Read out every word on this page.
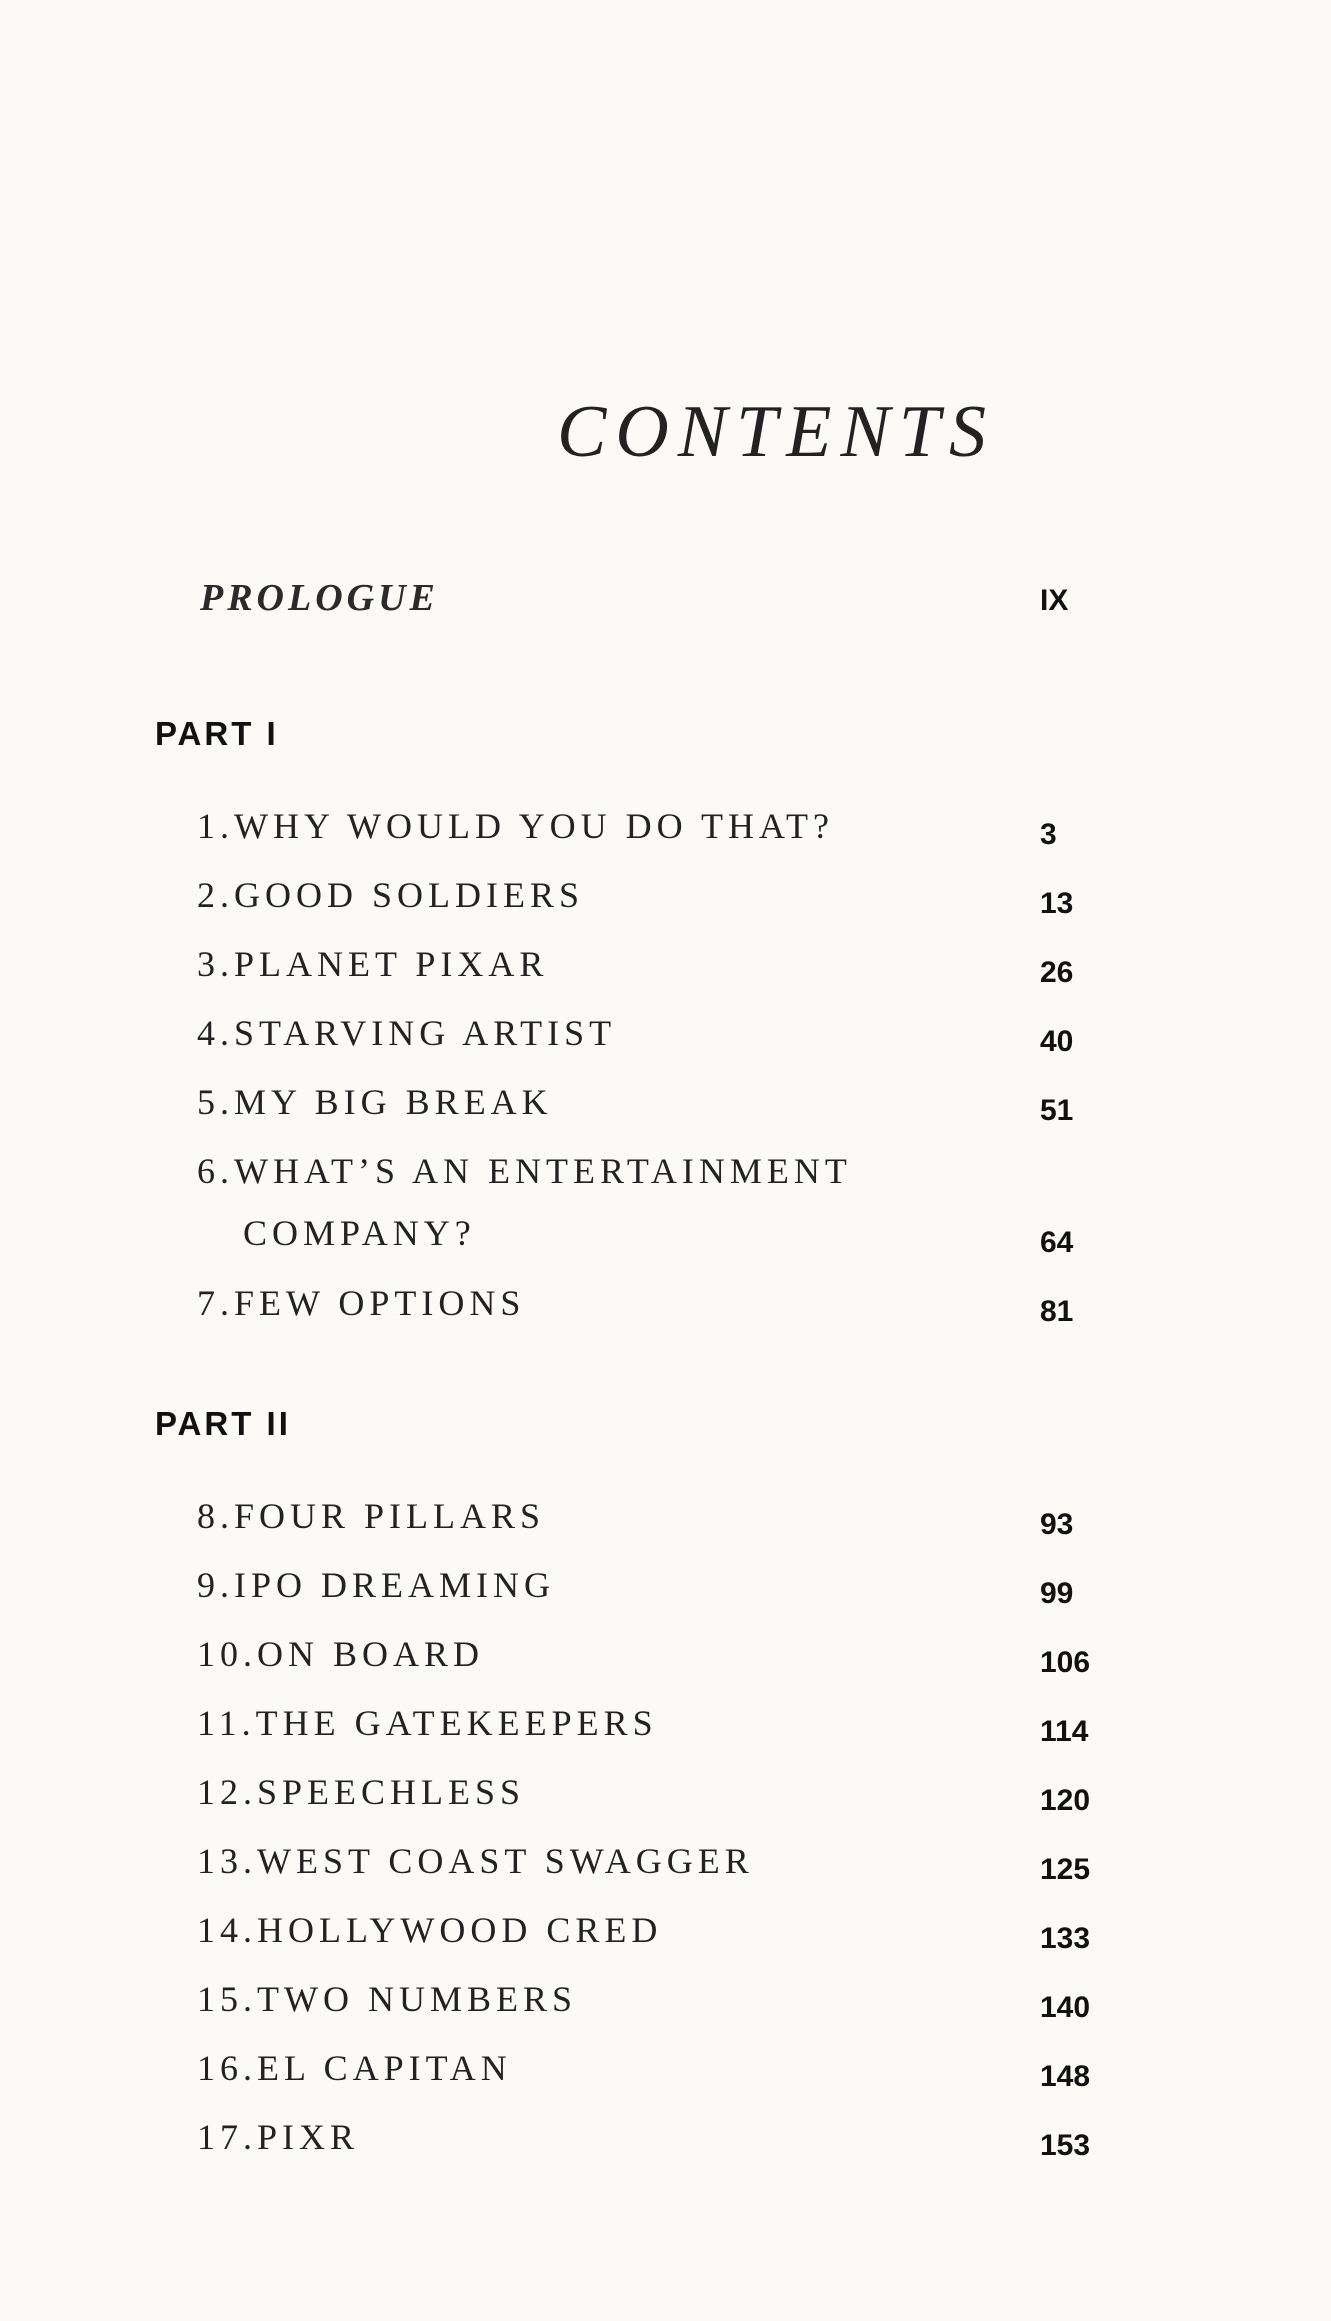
CONTENTS
PROLOGUE	IX
PART I
1.WHY WOULD YOU DO THAT?	3
2.GOOD SOLDIERS	13
3.PLANET PIXAR	26
4.STARVING ARTIST	40
5.MY BIG BREAK	51
6.WHAT’S AN ENTERTAINMENT
COMPANY?	64
7.FEW OPTIONS	81
PART II
8.FOUR PILLARS	93
9.IPO DREAMING	99
10.ON BOARD	106
11.THE GATEKEEPERS	114
12.SPEECHLESS	120
13.WEST COAST SWAGGER	125
14.HOLLYWOOD CRED	133
15.TWO NUMBERS	140
16.EL CAPITAN	148
17.PIXR	153
